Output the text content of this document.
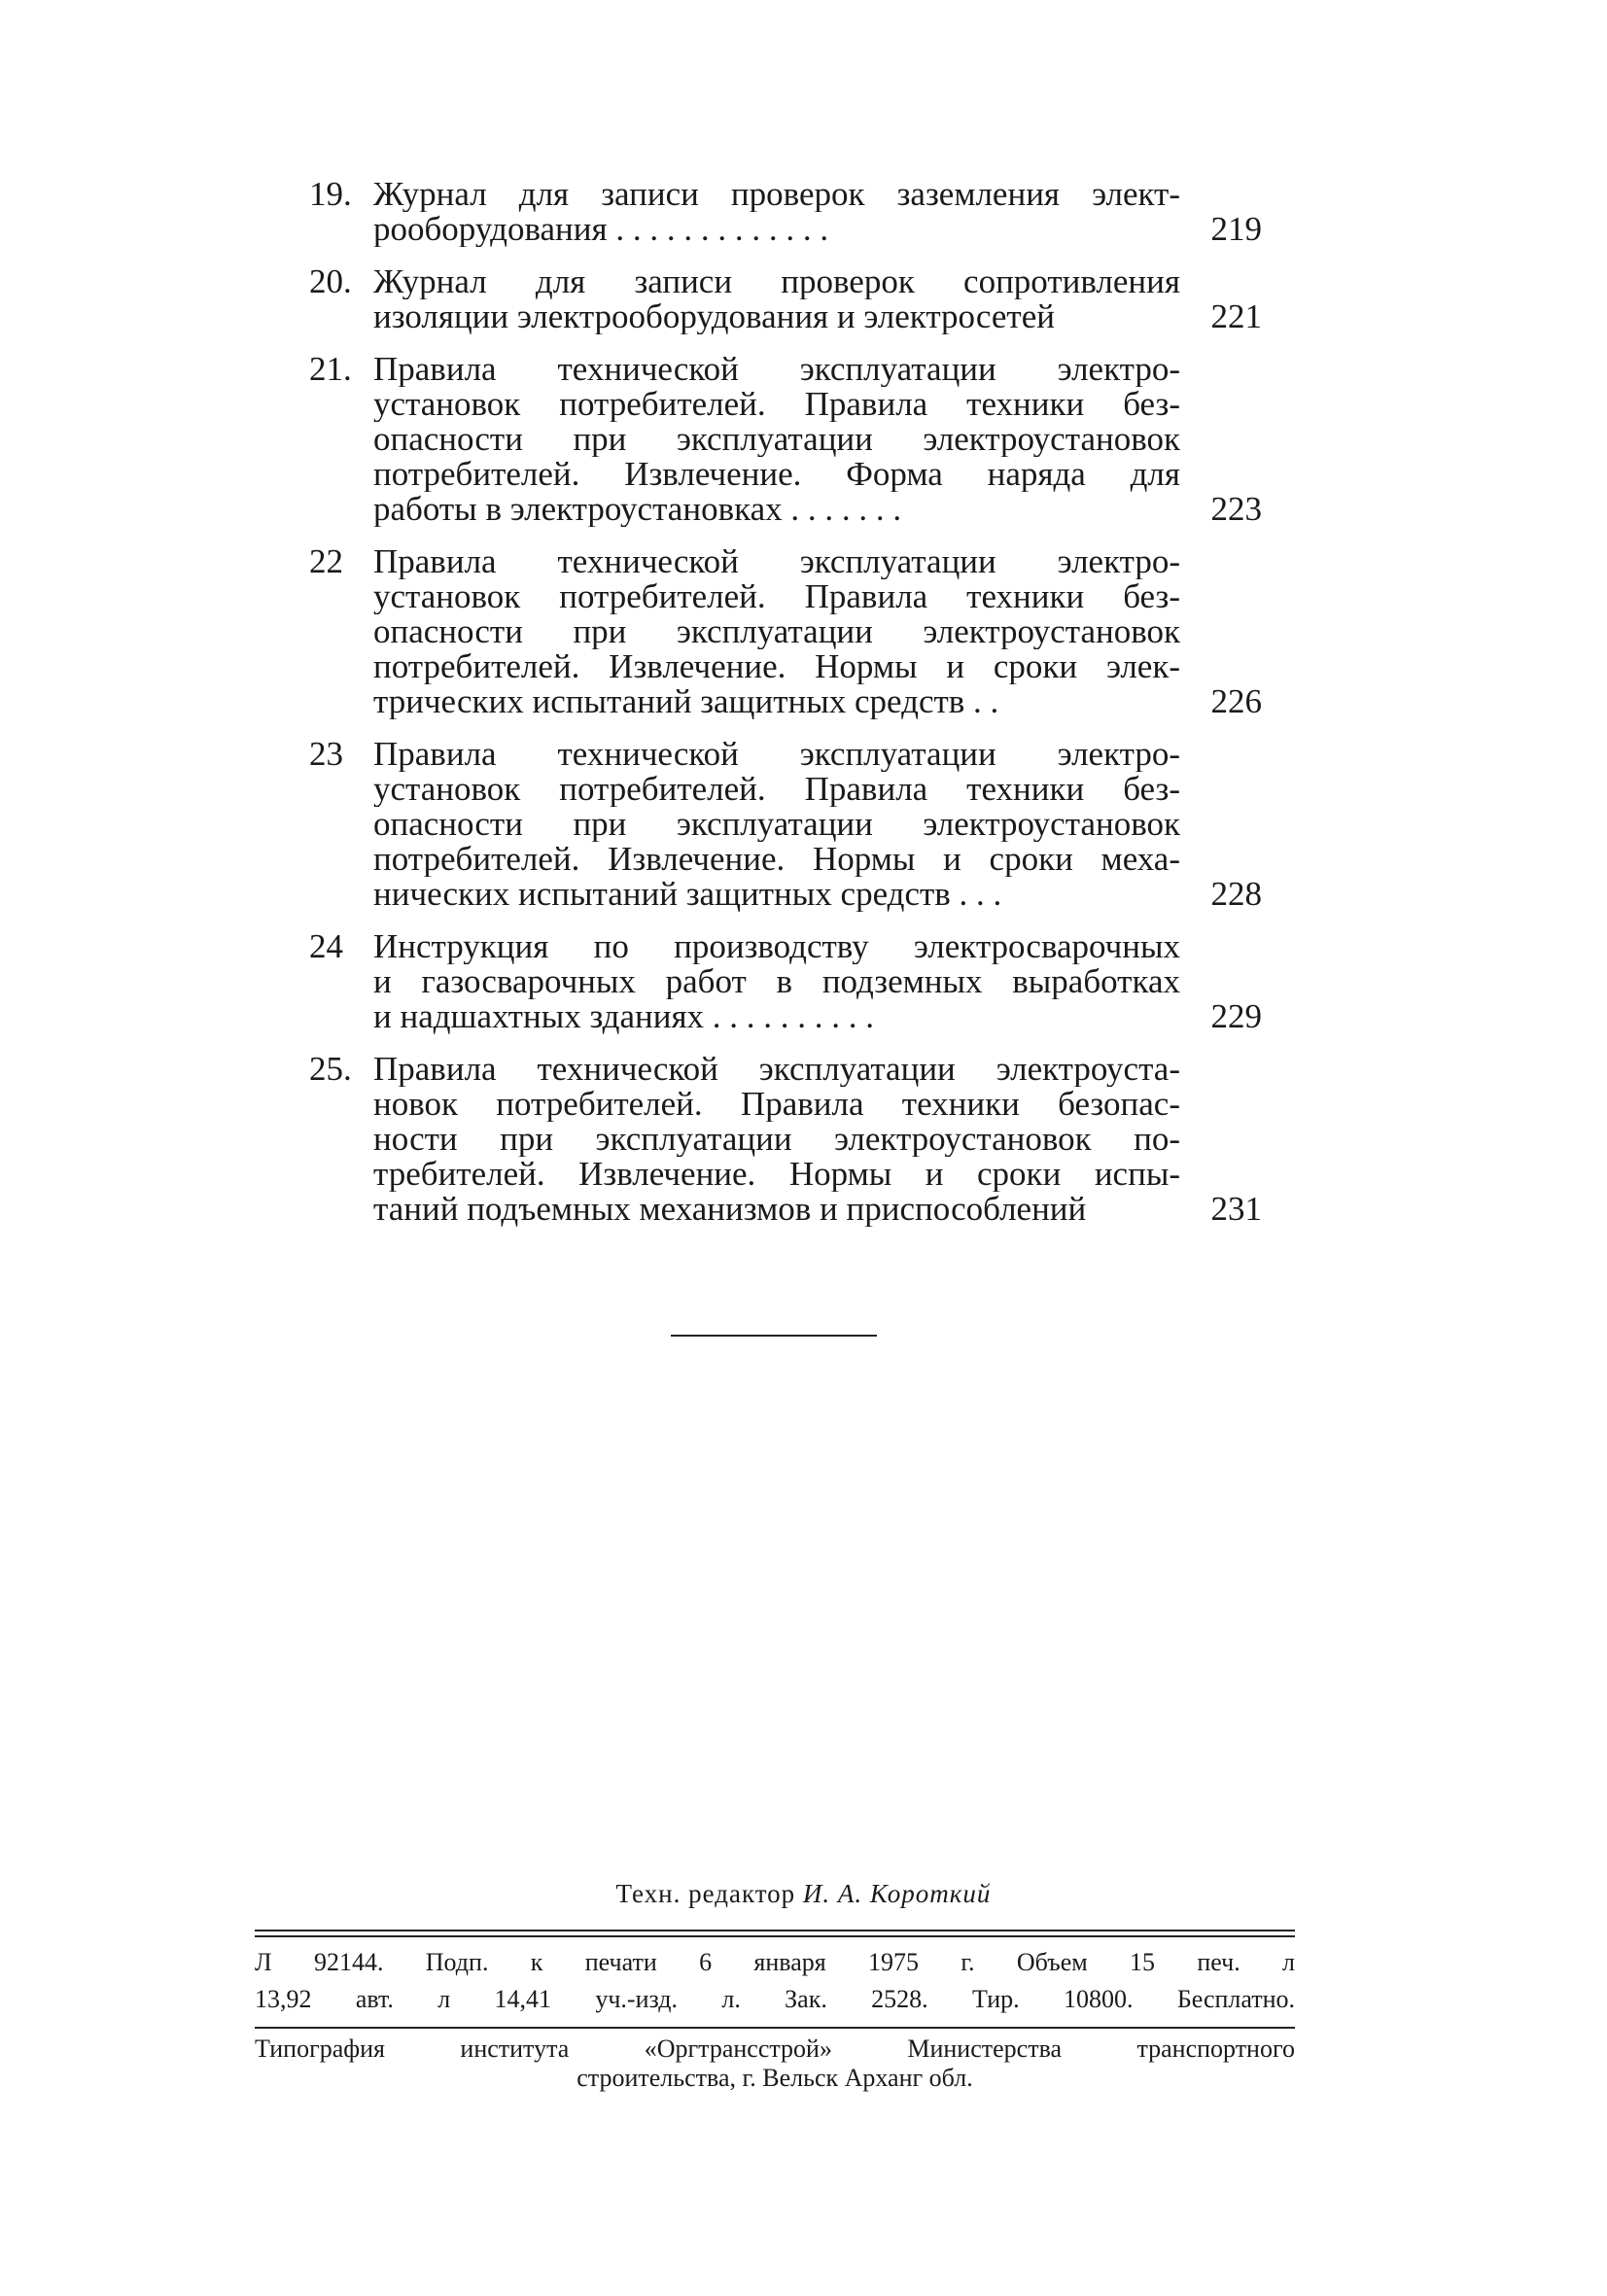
19. Журнал для записи проверок заземления элект-
рооборудования . . . . . . . . . . . . .	219
20. Журнал для записи проверок сопротивления
изоляции электрооборудования и электросетей	221
21. Правила технической эксплуатации электро-
установок потребителей. Правила техники без-
опасности при эксплуатации электроустановок
потребителей. Извлечение. Форма наряда для
работы в электроустановках . . . . . . .	223
22 Правила технической эксплуатации электро-
установок потребителей. Правила техники без-
опасности при эксплуатации электроустановок
потребителей. Извлечение. Нормы и сроки элек-
трических испытаний защитных средств . .	226
23 Правила технической эксплуатации электро-
установок потребителей. Правила техники без-
опасности при эксплуатации электроустановок
потребителей. Извлечение. Нормы и сроки меха-
нических испытаний защитных средств . . .	228
24 Инструкция по производству электросварочных
и газосварочных работ в подземных выработках
и надшахтных зданиях . . . . . . . . . .	229
25. Правила технической эксплуатации электроуста-
новок потребителей. Правила техники безопас-
ности при эксплуатации электроустановок по-
требителей. Извлечение. Нормы и сроки испы-
таний подъемных механизмов и приспособлений	231
Техн. редактор И. А. Короткий
Л 92144. Подп. к печати 6 января 1975 г. Объем 15 печ. л
13,92 авт. л 14,41 уч.-изд. л. Зак. 2528. Тир. 10800. Бесплатно.
Типография института «Оргтрансстрой» Министерства транспортного
строительства, г. Вельск Арханг обл.
